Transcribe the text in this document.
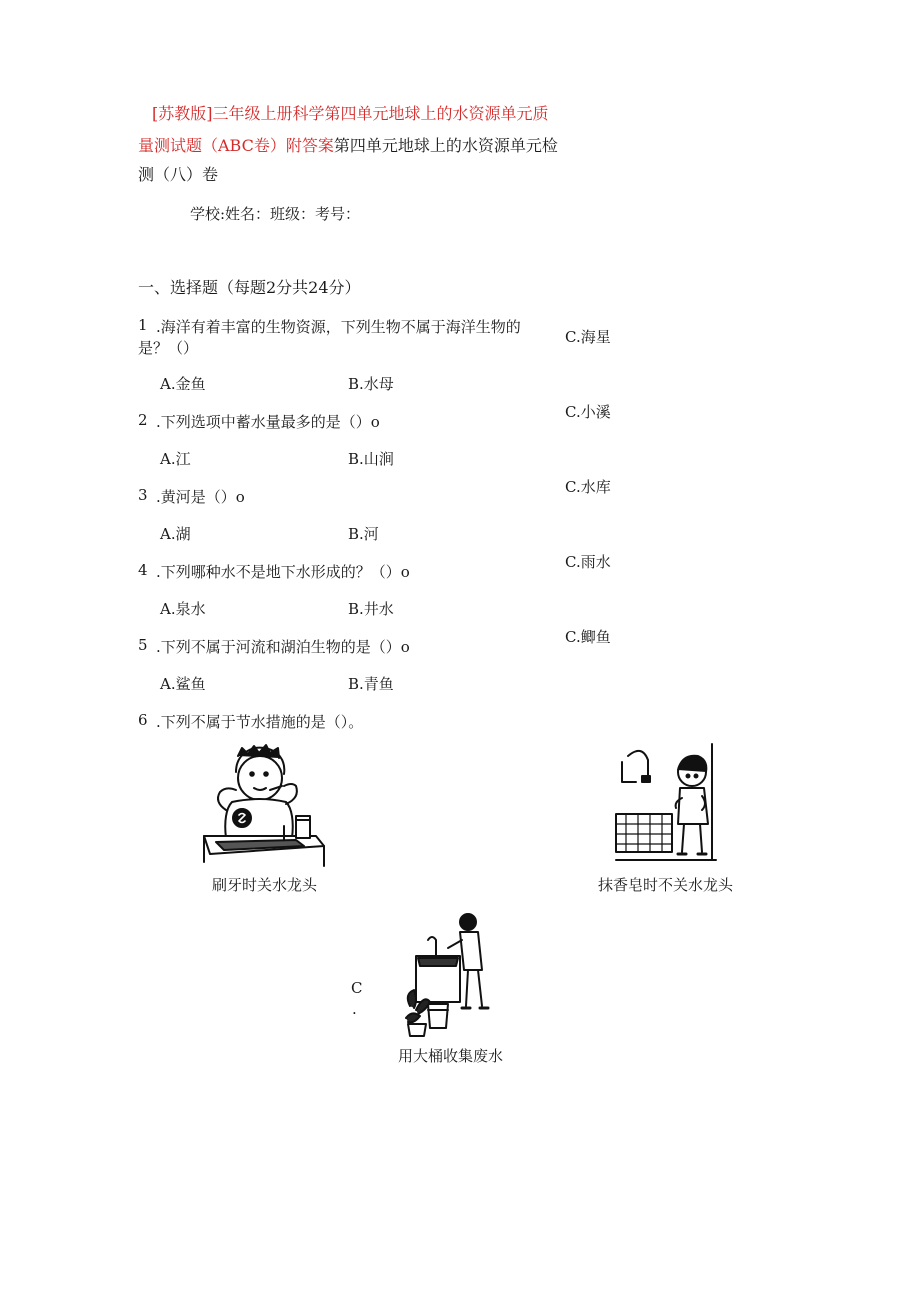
[苏教版]三年级上册科学第四单元地球上的水资源单元质
量测试题（ABC卷）附答案第四单元地球上的水资源单元检
测（八）卷
学校:姓名：班级：考号：
一、选择题（每题2分共24分）
1 .海洋有着丰富的生物资源，下列生物不属于海洋生物的
是？（）
C.海星
A.金鱼	B.水母
C.小溪
2 .下列选项中蓄水量最多的是（）o
A.江	B.山涧
C.水库
3 .黄河是（）o
A.湖	B.河
C.雨水
4 .下列哪种水不是地下水形成的？（）o
A.泉水	B.井水
C.鲫鱼
5 .下列不属于河流和湖泊生物的是（）o
A.鲨鱼	B.青鱼
6 .下列不属于节水措施的是（）。
刷牙时关水龙头	抹香皂时不关水龙头
C
.
用大桶收集废水
